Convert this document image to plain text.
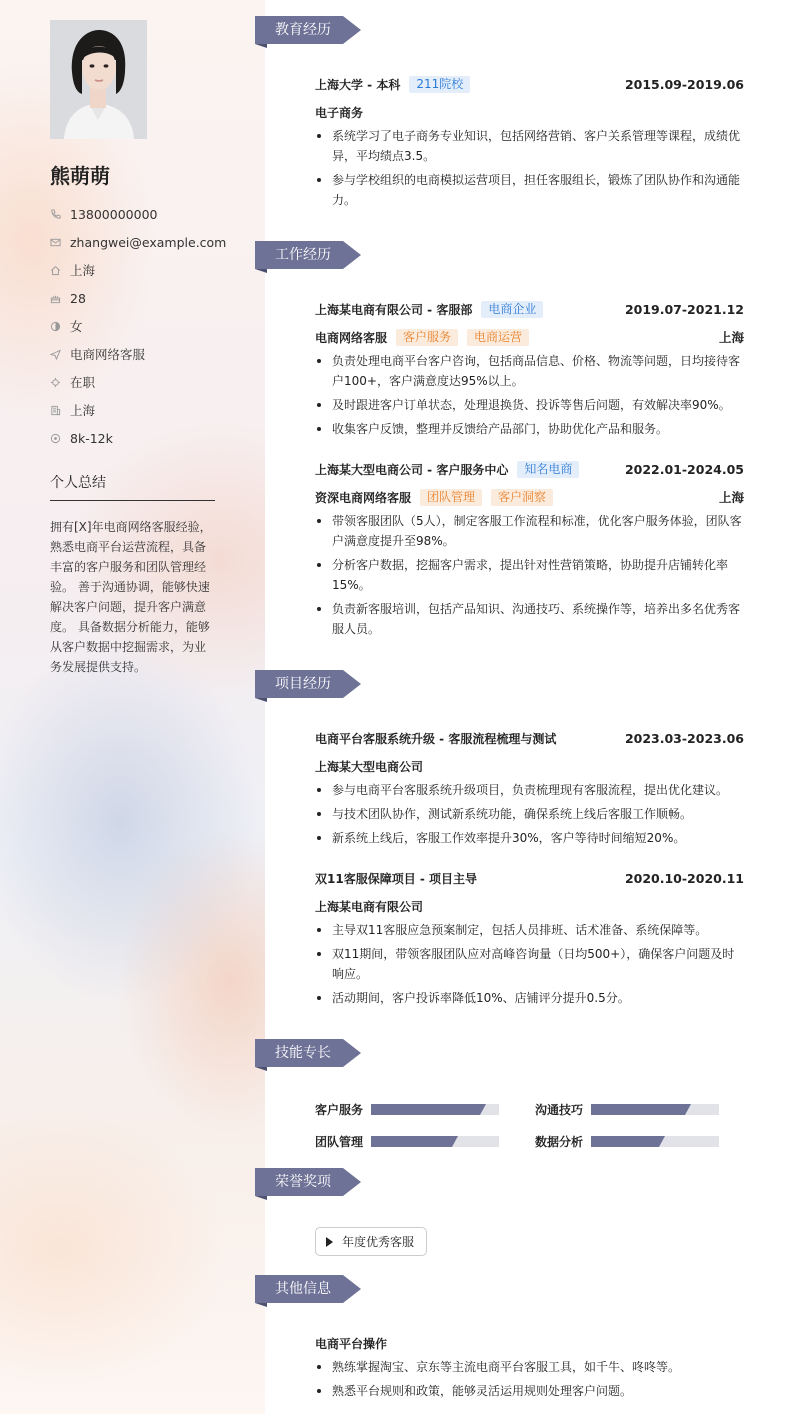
熊萌萌
13800000000
zhangwei@example.com
上海
28
女
电商网络客服
在职
上海
8k-12k
个人总结
拥有[X]年电商网络客服经验，熟悉电商平台运营流程，具备丰富的客户服务和团队管理经验。 善于沟通协调，能够快速解决客户问题，提升客户满意度。 具备数据分析能力，能够从客户数据中挖掘需求，为业务发展提供支持。
教育经历
上海大学 - 本科	211院校	2015.09-2019.06
电子商务
系统学习了电子商务专业知识，包括网络营销、客户关系管理等课程，成绩优异，平均绩点3.5。
参与学校组织的电商模拟运营项目，担任客服组长，锻炼了团队协作和沟通能力。
工作经历
上海某电商有限公司 - 客服部	电商企业	2019.07-2021.12
电商网络客服	客户服务	电商运营	上海
负责处理电商平台客户咨询，包括商品信息、价格、物流等问题，日均接待客户100+，客户满意度达95%以上。
及时跟进客户订单状态，处理退换货、投诉等售后问题，有效解决率90%。
收集客户反馈，整理并反馈给产品部门，协助优化产品和服务。
上海某大型电商公司 - 客户服务中心	知名电商	2022.01-2024.05
资深电商网络客服	团队管理	客户洞察	上海
带领客服团队（5人），制定客服工作流程和标准，优化客户服务体验，团队客户满意度提升至98%。
分析客户数据，挖掘客户需求，提出针对性营销策略，协助提升店铺转化率15%。
负责新客服培训，包括产品知识、沟通技巧、系统操作等，培养出多名优秀客服人员。
项目经历
电商平台客服系统升级 - 客服流程梳理与测试	2023.03-2023.06
上海某大型电商公司
参与电商平台客服系统升级项目，负责梳理现有客服流程，提出优化建议。
与技术团队协作，测试新系统功能，确保系统上线后客服工作顺畅。
新系统上线后，客服工作效率提升30%，客户等待时间缩短20%。
双11客服保障项目 - 项目主导	2020.10-2020.11
上海某电商有限公司
主导双11客服应急预案制定，包括人员排班、话术准备、系统保障等。
双11期间，带领客服团队应对高峰咨询量（日均500+），确保客户问题及时响应。
活动期间，客户投诉率降低10%、店铺评分提升0.5分。
技能专长
客户服务	沟通技巧
团队管理	数据分析
荣誉奖项
年度优秀客服
其他信息
电商平台操作
熟练掌握淘宝、京东等主流电商平台客服工具，如千牛、咚咚等。
熟悉平台规则和政策，能够灵活运用规则处理客户问题。
